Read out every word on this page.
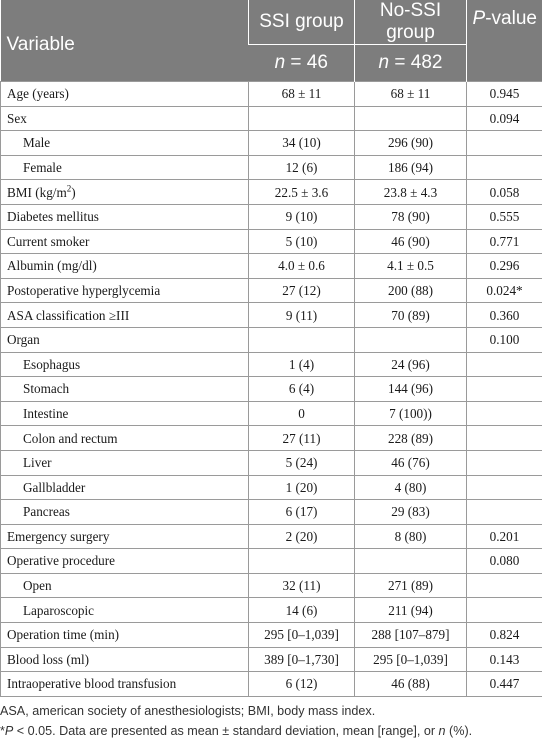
Variable	SSI group	No-SSI group	P-value
	n = 46	n = 482	
Age (years)	68 ± 11	68 ± 11	0.945
Sex			0.094
Male	34 (10)	296 (90)	
Female	12 (6)	186 (94)	
BMI $(kg/m^2)$	22.5 ± 3.6	23.8 ± 4.3	0.058
Diabetes mellitus	9 (10)	78 (90)	0.555
Current smoker	5 (10)	46 (90)	0.771
Albumin (mg/dl)	4.0 ± 0.6	4.1 ± 0.5	0.296
Postoperative hyperglycemia	27 (12)	200 (88)	0.024*
ASA classification ≥III	9 (11)	70 (89)	0.360
Organ			0.100
Esophagus	1 (4)	24 (96)	
Stomach	6 (4)	144 (96)	
Intestine	0	7 (100))	
Colon and rectum	27 (11)	228 (89)	
Liver	5 (24)	46 (76)	
Gallbladder	1 (20)	4 (80)	
Pancreas	6 (17)	29 (83)	
Emergency surgery	2 (20)	8 (80)	0.201
Operative procedure			0.080
Open	32 (11)	271 (89)	
Laparoscopic	14 (6)	211 (94)	
Operation time (min)	295 [0–1,039]	288 [107–879]	0.824
Blood loss (ml)	389 [0–1,730]	295 [0–1,039]	0.143
Intraoperative blood transfusion	6 (12)	46 (88)	0.447
ASA, american society of anesthesiologists; BMI, body mass index.
*P < 0.05. Data are presented as mean ± standard deviation, mean [range], or n (%).
